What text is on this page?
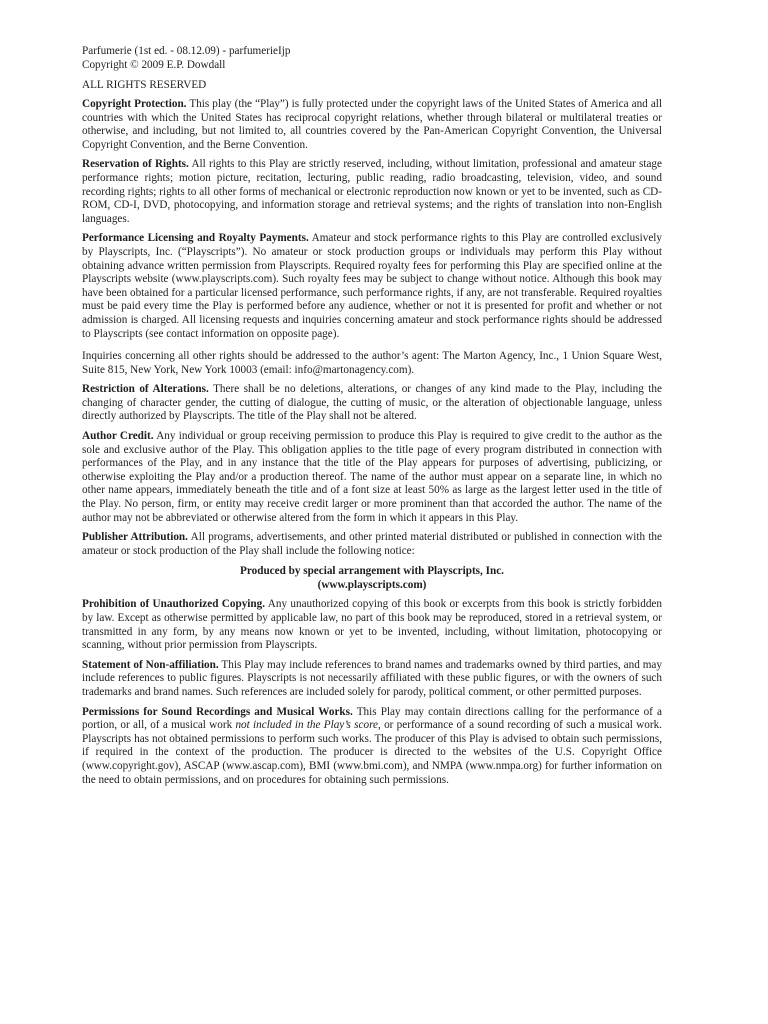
Parfumerie (1st ed. - 08.12.09) - parfumerieIjp
Copyright © 2009 E.P. Dowdall
ALL RIGHTS RESERVED
Copyright Protection. This play (the “Play”) is fully protected under the copyright laws of the United States of America and all countries with which the United States has reciprocal copyright relations, whether through bilateral or multilateral treaties or otherwise, and including, but not limited to, all countries covered by the Pan-American Copyright Convention, the Universal Copyright Convention, and the Berne Convention.
Reservation of Rights. All rights to this Play are strictly reserved, including, without limitation, professional and amateur stage performance rights; motion picture, recitation, lecturing, public reading, radio broadcasting, television, video, and sound recording rights; rights to all other forms of mechanical or electronic reproduction now known or yet to be invented, such as CD-ROM, CD-I, DVD, photocopying, and information storage and retrieval systems; and the rights of translation into non-English languages.
Performance Licensing and Royalty Payments. Amateur and stock performance rights to this Play are controlled exclusively by Playscripts, Inc. (“Playscripts”). No amateur or stock production groups or individuals may perform this Play without obtaining advance written permission from Playscripts. Required royalty fees for performing this Play are specified online at the Playscripts website (www.playscripts.com). Such royalty fees may be subject to change without notice. Although this book may have been obtained for a particular licensed performance, such performance rights, if any, are not transferable. Required royalties must be paid every time the Play is performed before any audience, whether or not it is presented for profit and whether or not admission is charged. All licensing requests and inquiries concerning amateur and stock performance rights should be addressed to Playscripts (see contact information on opposite page).
Inquiries concerning all other rights should be addressed to the author’s agent: The Marton Agency, Inc., 1 Union Square West, Suite 815, New York, New York 10003 (email: info@martonagency.com).
Restriction of Alterations. There shall be no deletions, alterations, or changes of any kind made to the Play, including the changing of character gender, the cutting of dialogue, the cutting of music, or the alteration of objectionable language, unless directly authorized by Playscripts. The title of the Play shall not be altered.
Author Credit. Any individual or group receiving permission to produce this Play is required to give credit to the author as the sole and exclusive author of the Play. This obligation applies to the title page of every program distributed in connection with performances of the Play, and in any instance that the title of the Play appears for purposes of advertising, publicizing, or otherwise exploiting the Play and/or a production thereof. The name of the author must appear on a separate line, in which no other name appears, immediately beneath the title and of a font size at least 50% as large as the largest letter used in the title of the Play. No person, firm, or entity may receive credit larger or more prominent than that accorded the author. The name of the author may not be abbreviated or otherwise altered from the form in which it appears in this Play.
Publisher Attribution. All programs, advertisements, and other printed material distributed or published in connection with the amateur or stock production of the Play shall include the following notice:
Produced by special arrangement with Playscripts, Inc.
(www.playscripts.com)
Prohibition of Unauthorized Copying. Any unauthorized copying of this book or excerpts from this book is strictly forbidden by law. Except as otherwise permitted by applicable law, no part of this book may be reproduced, stored in a retrieval system, or transmitted in any form, by any means now known or yet to be invented, including, without limitation, photocopying or scanning, without prior permission from Playscripts.
Statement of Non-affiliation. This Play may include references to brand names and trademarks owned by third parties, and may include references to public figures. Playscripts is not necessarily affiliated with these public figures, or with the owners of such trademarks and brand names. Such references are included solely for parody, political comment, or other permitted purposes.
Permissions for Sound Recordings and Musical Works. This Play may contain directions calling for the performance of a portion, or all, of a musical work not included in the Play’s score, or performance of a sound recording of such a musical work. Playscripts has not obtained permissions to perform such works. The producer of this Play is advised to obtain such permissions, if required in the context of the production. The producer is directed to the websites of the U.S. Copyright Office (www.copyright.gov), ASCAP (www.ascap.com), BMI (www.bmi.com), and NMPA (www.nmpa.org) for further information on the need to obtain permissions, and on procedures for obtaining such permissions.
